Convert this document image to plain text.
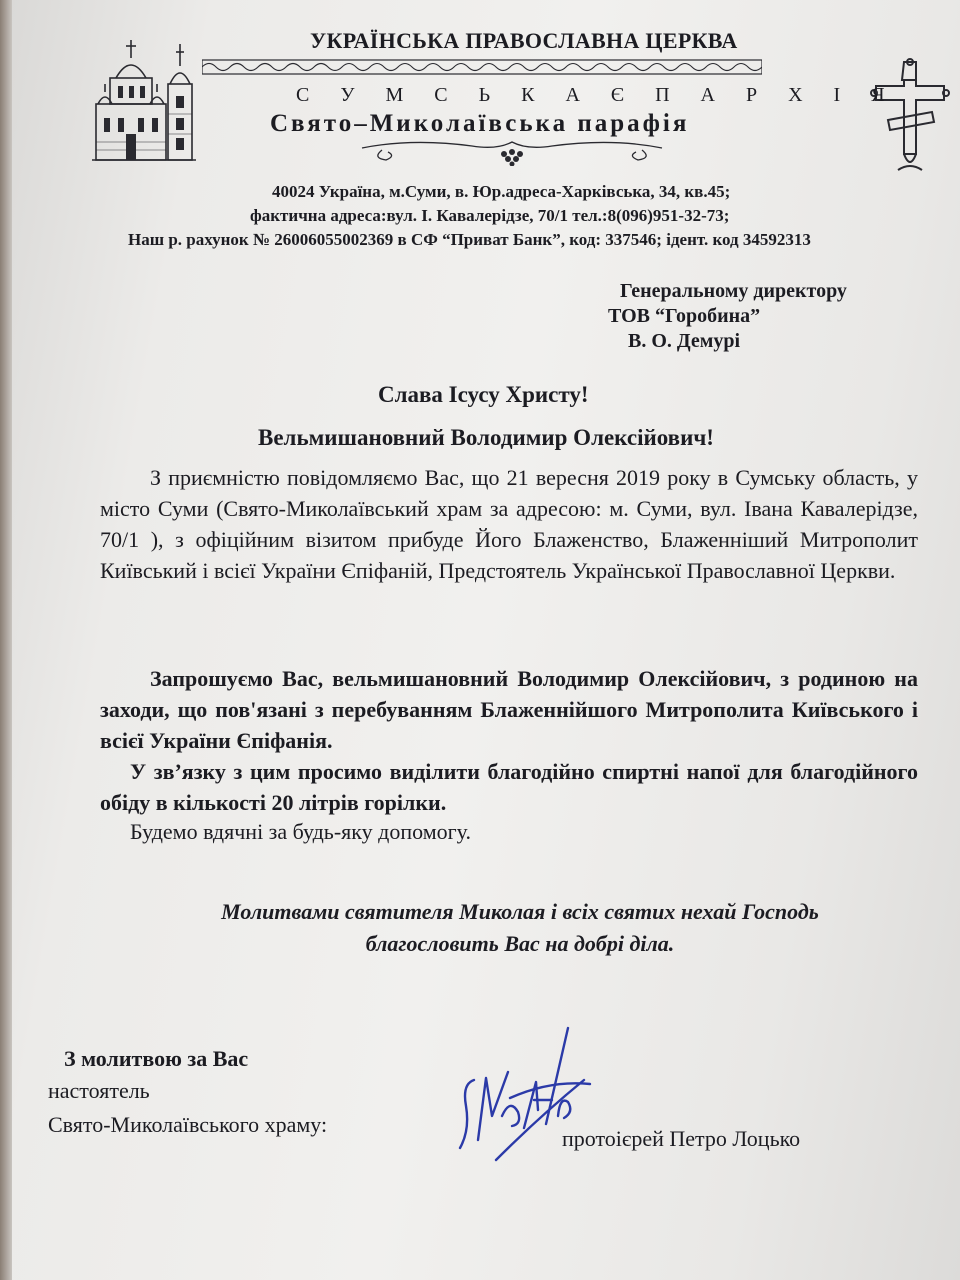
УКРАЇНСЬКА ПРАВОСЛАВНА ЦЕРКВА
С У М С Ь К А Є П А Р Х І Я
Свято–Миколаївська парафія
40024 Україна, м.Суми, в. Юр.адреса-Харківська, 34, кв.45;
фактична адреса:вул. І. Кавалерідзе, 70/1 тел.:8(096)951-32-73;
Наш р. рахунок № 26006055002369 в СФ “Приват Банк”, код: 337546; ідент. код 34592313
Генеральному директору
ТОВ “Горобина”
В. О. Демурі
Слава Ісусу Христу!
Вельмишановний Володимир Олексійович!
З приємністю повідомляємо Вас, що 21 вересня 2019 року в Сумську область, у місто Суми (Свято-Миколаївський храм за адресою: м. Суми, вул. Івана Кавалерідзе, 70/1 ), з офіційним візитом прибуде Його Блаженство, Блаженніший Митрополит Київський і всієї України Єпіфаній, Предстоятель Української Православної Церкви.
Запрошуємо Вас, вельмишановний Володимир Олексійович, з родиною на заходи, що пов'язані з перебуванням Блаженнійшого Митрополита Київського і всієї України Єпіфанія.
У зв’язку з цим просимо виділити благодійно спиртні напої для благодійного обіду в кількості 20 літрів горілки.
Будемо вдячні за будь-яку допомогу.
Молитвами святителя Миколая і всіх святих нехай Господь
благословить Вас на добрі діла.
З молитвою за Вас
настоятель
Свято-Миколаївського храму:
протоієрей Петро Лоцько
